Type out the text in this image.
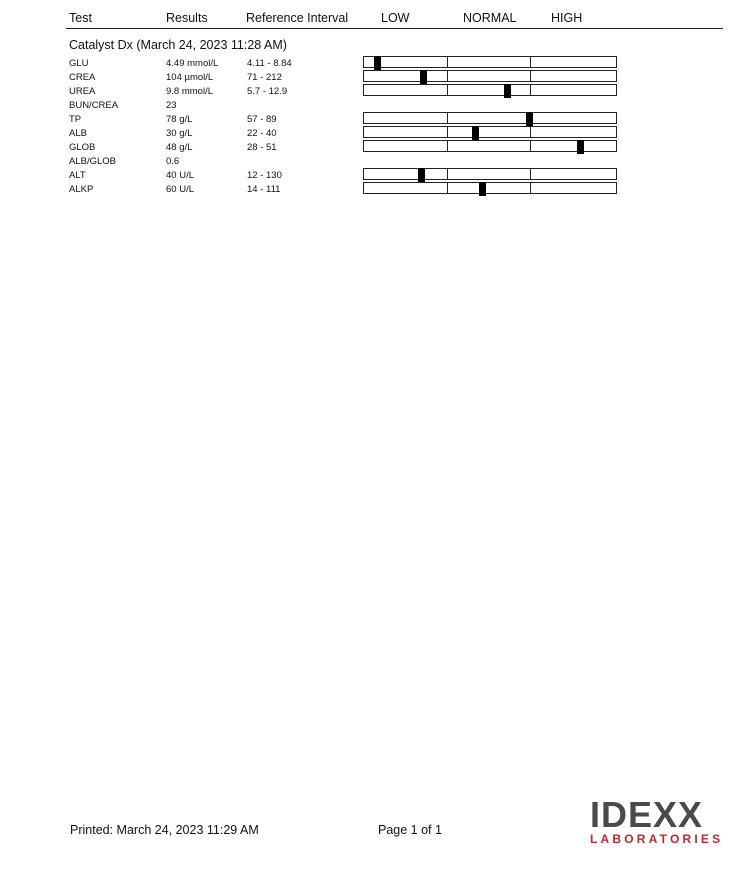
Test	Results	Reference Interval	LOW	NORMAL	HIGH
Catalyst Dx (March 24, 2023 11:28 AM)
GLU	4.49 mmol/L	4.11 - 8.84
CREA	104 µmol/L	71 - 212
UREA	9.8 mmol/L	5.7 - 12.9
BUN/CREA	23
TP	78 g/L	57 - 89
ALB	30 g/L	22 - 40
GLOB	48 g/L	28 - 51
ALB/GLOB	0.6
ALT	40 U/L	12 - 130
ALKP	60 U/L	14 - 111
Printed: March 24, 2023 11:29 AM	Page 1 of 1	IDEXX
LABORATORIES
